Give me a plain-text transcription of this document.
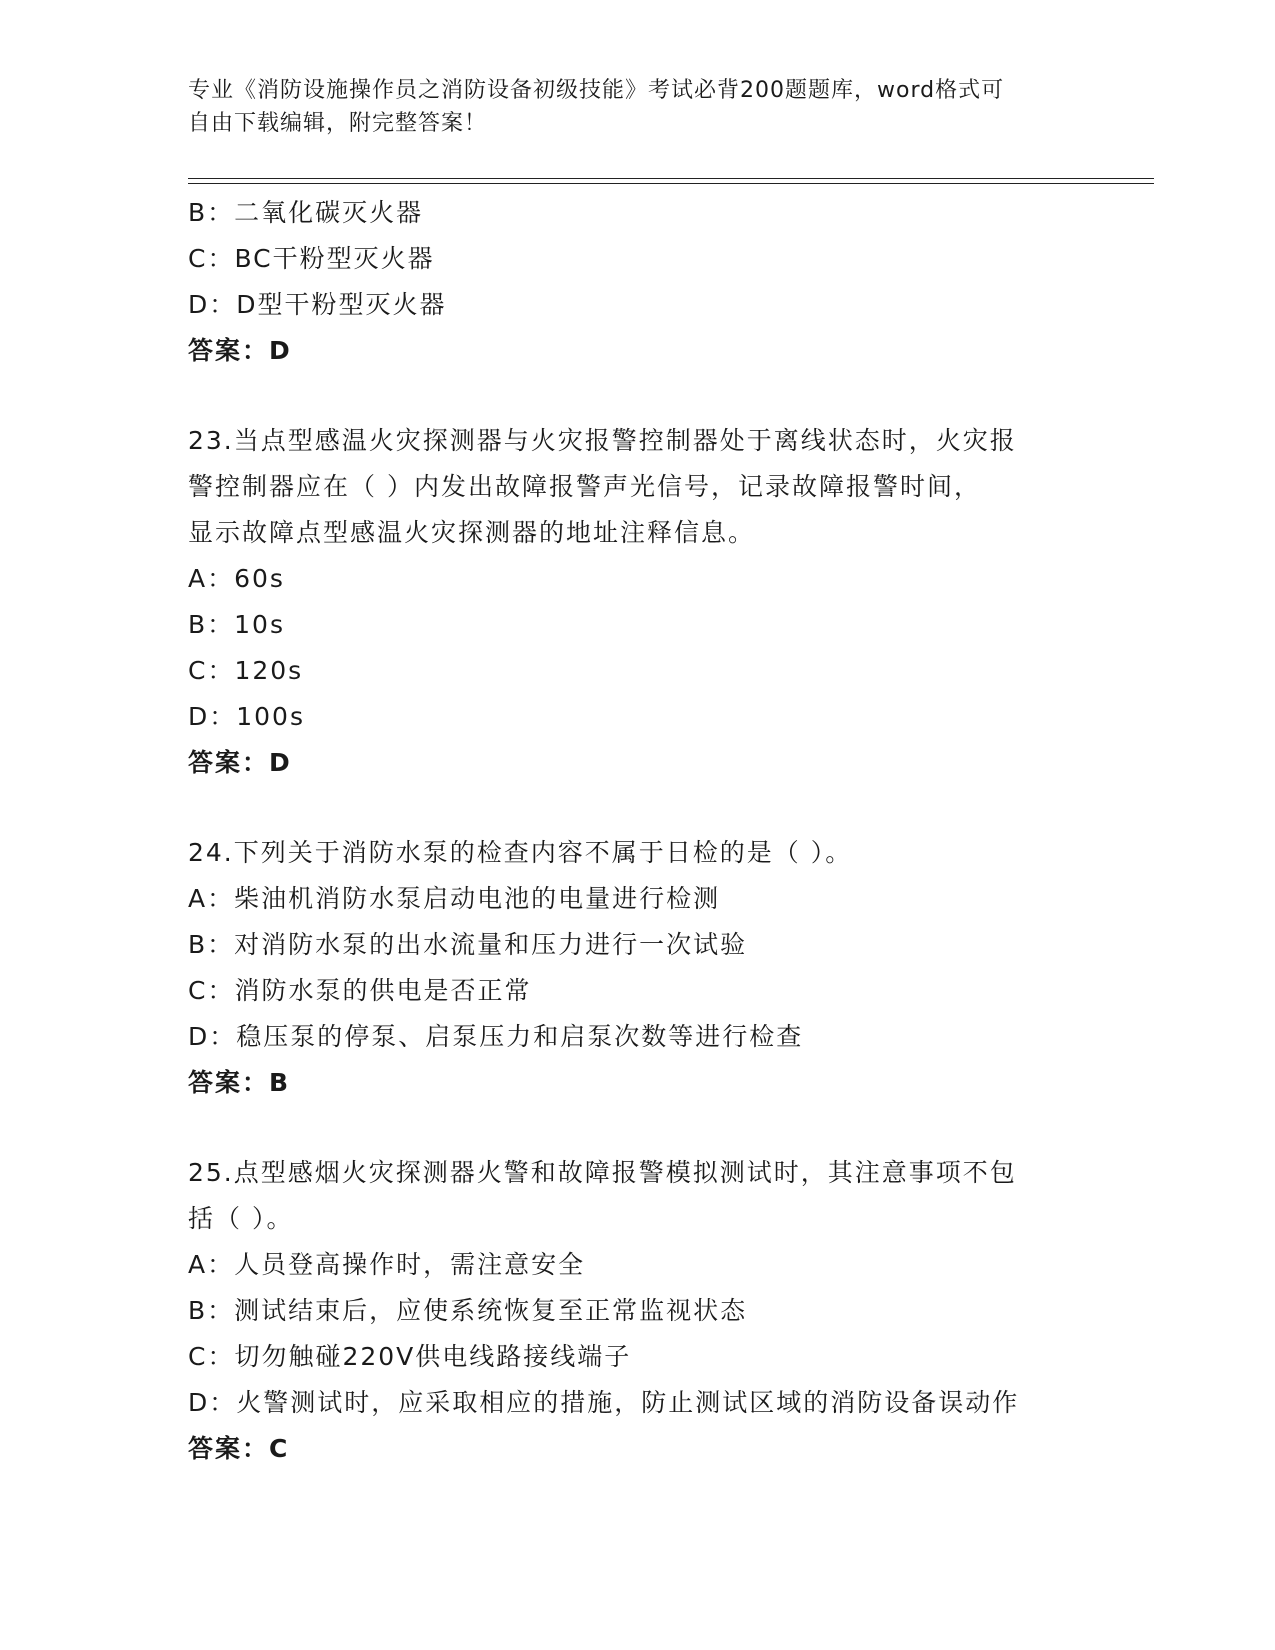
专业《消防设施操作员之消防设备初级技能》考试必背200题题库，word格式可
自由下载编辑，附完整答案！
B：二氧化碳灭火器
C：BC干粉型灭火器
D：D型干粉型灭火器
答案：D
23.当点型感温火灾探测器与火灾报警控制器处于离线状态时，火灾报
警控制器应在（ ）内发出故障报警声光信号，记录故障报警时间，
显示故障点型感温火灾探测器的地址注释信息。
A：60s
B：10s
C：120s
D：100s
答案：D
24.下列关于消防水泵的检查内容不属于日检的是（ ）。
A：柴油机消防水泵启动电池的电量进行检测
B：对消防水泵的出水流量和压力进行一次试验
C：消防水泵的供电是否正常
D：稳压泵的停泵、启泵压力和启泵次数等进行检查
答案：B
25.点型感烟火灾探测器火警和故障报警模拟测试时，其注意事项不包
括（ ）。
A：人员登高操作时，需注意安全
B：测试结束后，应使系统恢复至正常监视状态
C：切勿触碰220V供电线路接线端子
D：火警测试时，应采取相应的措施，防止测试区域的消防设备误动作
答案：C
